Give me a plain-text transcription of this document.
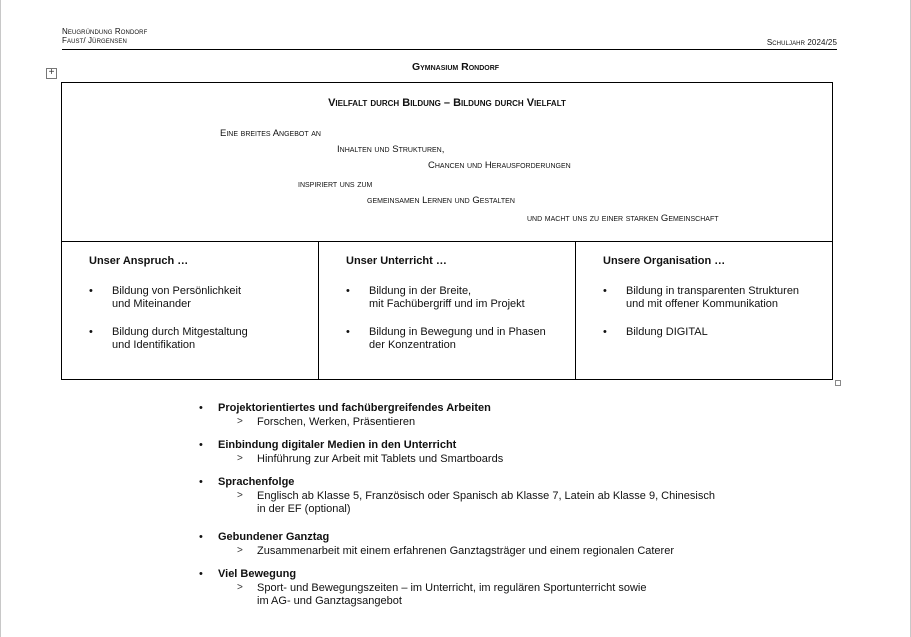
Neugründung Rondorf
Faust/ Jürgensen	Schuljahr 2024/25
Gymnasium Rondorf
+
Vielfalt durch Bildung – Bildung durch Vielfalt
Eine breites Angebot an
Inhalten und Strukturen,
Chancen und Herausforderungen
inspiriert uns zum
gemeinsamen Lernen und Gestalten
und macht uns zu einer starken Gemeinschaft
Unser Anspruch …
• Bildung von Persönlichkeit
und Miteinander
• Bildung durch Mitgestaltung
und Identifikation
Unser Unterricht …
• Bildung in der Breite,
mit Fachübergriff und im Projekt
• Bildung in Bewegung und in Phasen
der Konzentration
Unsere Organisation …
• Bildung in transparenten Strukturen
und mit offener Kommunikation
• Bildung DIGITAL
• Projektorientiertes und fachübergreifendes Arbeiten
> Forschen, Werken, Präsentieren
• Einbindung digitaler Medien in den Unterricht
> Hinführung zur Arbeit mit Tablets und Smartboards
• Sprachenfolge
> Englisch ab Klasse 5, Französisch oder Spanisch ab Klasse 7, Latein ab Klasse 9, Chinesisch
in der EF (optional)
• Gebundener Ganztag
> Zusammenarbeit mit einem erfahrenen Ganztagsträger und einem regionalen Caterer
• Viel Bewegung
> Sport- und Bewegungszeiten – im Unterricht, im regulären Sportunterricht sowie
im AG- und Ganztagsangebot
